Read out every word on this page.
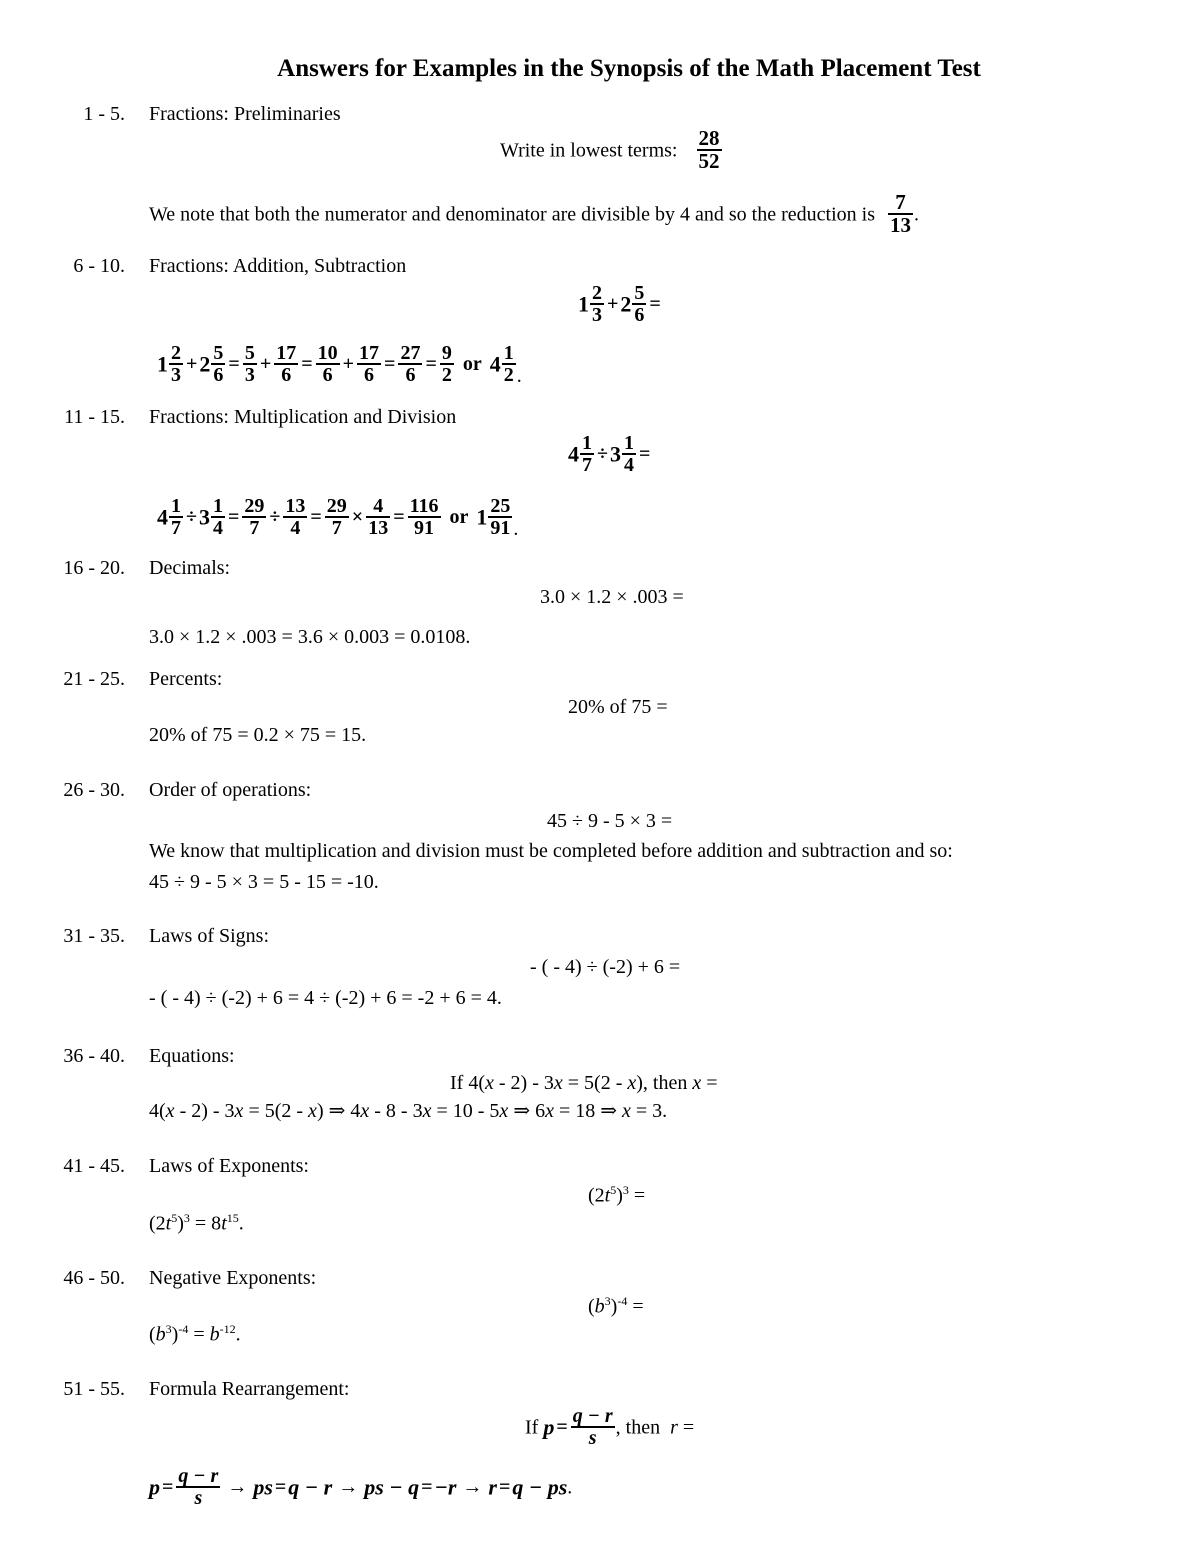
Answers for Examples in the Synopsis of the Math Placement Test
1 - 5. Fractions: Preliminaries
Write in lowest terms: $\frac{28}{52}$
We note that both the numerator and denominator are divisible by 4 and so the reduction is $\frac{7}{13}$ .
6 - 10. Fractions: Addition, Subtraction
$1 \frac{2}{3} +2 \frac{5}{6}$ =
$1 \frac{2}{3} +2 \frac{5}{6} = \frac{5}{3} + \frac{17}{6} = \frac{10}{6} + \frac{17}{6} = \frac{27}{6} = \frac{9}{2}$ or $4 \frac{1}{2}$ .
11 - 15. Fractions: Multiplication and Division
$4 \frac{1}{7} \div 3 \frac{1}{4}$ =
$4 \frac{1}{7} \div 3 \frac{1}{4} = \frac{29}{7} \div \frac{13}{4} = \frac{29}{7} \times \frac{4}{13} = \frac{116}{91}$ or $1 \frac{25}{91}$ .
16 - 20. Decimals:
3.0 × 1.2 × .003 =
3.0 × 1.2 × .003 = 3.6 × 0.003 = 0.0108.
21 - 25. Percents:
20% of 75 =
20% of 75 = 0.2 × 75 = 15.
26 - 30. Order of operations:
45 ÷ 9 - 5 × 3 =
We know that multiplication and division must be completed before addition and subtraction and so:
45 ÷ 9 - 5 × 3 = 5 - 15 = -10.
31 - 35. Laws of Signs:
- ( - 4) ÷ (-2) + 6 =
- ( - 4) ÷ (-2) + 6 = 4 ÷ (-2) + 6 = -2 + 6 = 4.
36 - 40. Equations:
If 4(x - 2) - 3x = 5(2 - x), then x =
4(x - 2) - 3x = 5(2 - x) ⇒ 4x - 8 - 3x = 10 - 5x ⇒ 6x = 18 ⇒ x = 3.
41 - 45. Laws of Exponents:
$(2t^5)^3$ =
$(2t^5)^3 = 8t^{15}$.
46 - 50. Negative Exponents:
$(b^3)^{-4}$ =
$(b^3)^{-4} = b^{-12}$.
51 - 55. Formula Rearrangement:
If $p = \frac{q - r}{s}$ , then  r =
$p = \frac{q - r}{s}$ → ps =q − r → ps − q =−r → r =q − ps.
